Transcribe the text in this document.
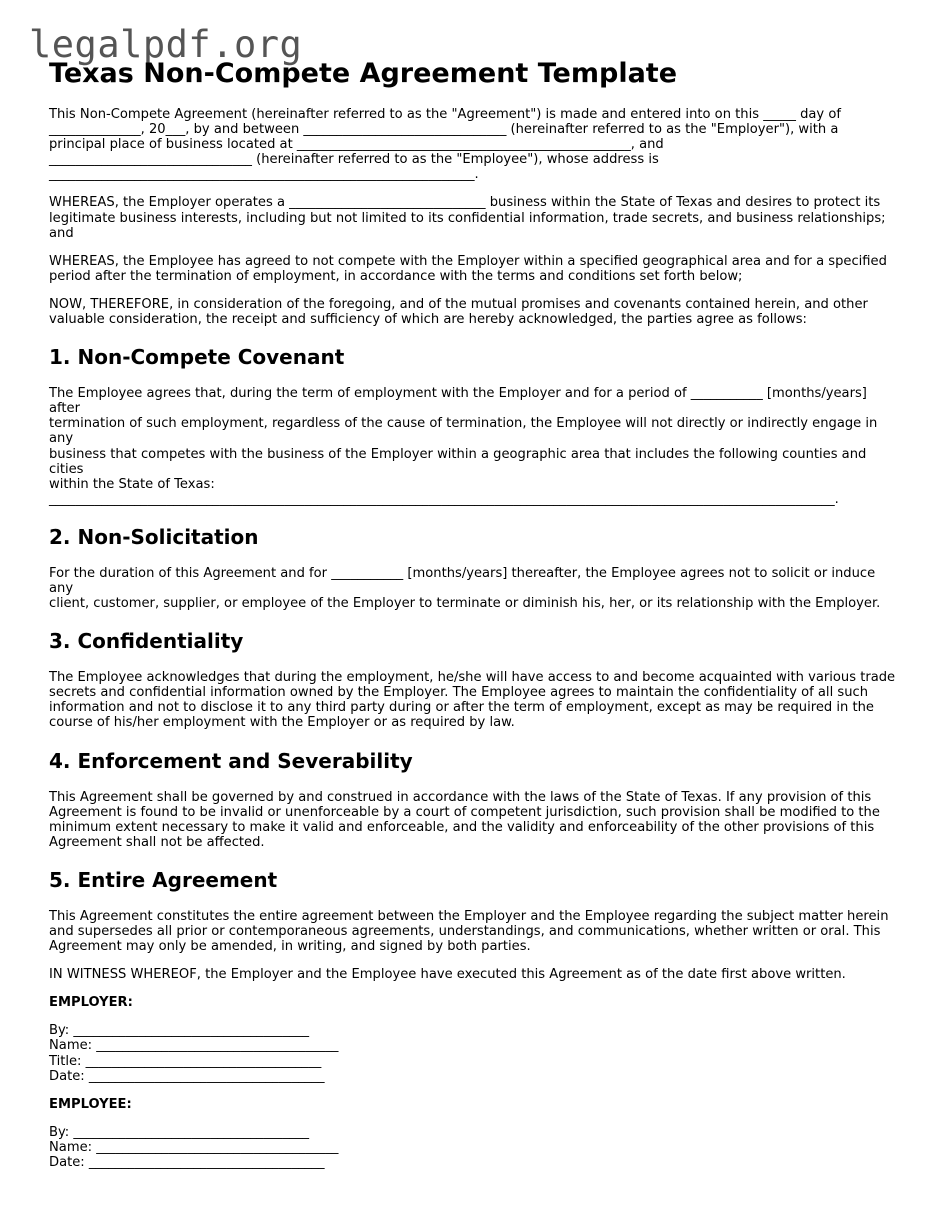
legalpdf.org
Texas Non-Compete Agreement Template

This Non-Compete Agreement (hereinafter referred to as the "Agreement") is made and entered into on this _____ day of
______________, 20___, by and between _______________________________ (hereinafter referred to as the "Employer"), with a
principal place of business located at ___________________________________________________, and
_______________________________ (hereinafter referred to as the "Employee"), whose address is
_________________________________________________________________.

WHEREAS, the Employer operates a ______________________________ business within the State of Texas and desires to protect its
legitimate business interests, including but not limited to its confidential information, trade secrets, and business relationships; and

WHEREAS, the Employee has agreed to not compete with the Employer within a specified geographical area and for a specified
period after the termination of employment, in accordance with the terms and conditions set forth below;

NOW, THEREFORE, in consideration of the foregoing, and of the mutual promises and covenants contained herein, and other
valuable consideration, the receipt and sufficiency of which are hereby acknowledged, the parties agree as follows:

1. Non-Compete Covenant

The Employee agrees that, during the term of employment with the Employer and for a period of ___________ [months/years] after
termination of such employment, regardless of the cause of termination, the Employee will not directly or indirectly engage in any
business that competes with the business of the Employer within a geographic area that includes the following counties and cities
within the State of Texas:
________________________________________________________________________________________________________________________.

2. Non-Solicitation

For the duration of this Agreement and for ___________ [months/years] thereafter, the Employee agrees not to solicit or induce any
client, customer, supplier, or employee of the Employer to terminate or diminish his, her, or its relationship with the Employer.

3. Confidentiality

The Employee acknowledges that during the employment, he/she will have access to and become acquainted with various trade
secrets and confidential information owned by the Employer. The Employee agrees to maintain the confidentiality of all such
information and not to disclose it to any third party during or after the term of employment, except as may be required in the
course of his/her employment with the Employer or as required by law.

4. Enforcement and Severability

This Agreement shall be governed by and construed in accordance with the laws of the State of Texas. If any provision of this
Agreement is found to be invalid or unenforceable by a court of competent jurisdiction, such provision shall be modified to the
minimum extent necessary to make it valid and enforceable, and the validity and enforceability of the other provisions of this
Agreement shall not be affected.

5. Entire Agreement

This Agreement constitutes the entire agreement between the Employer and the Employee regarding the subject matter herein
and supersedes all prior or contemporaneous agreements, understandings, and communications, whether written or oral. This
Agreement may only be amended, in writing, and signed by both parties.

IN WITNESS WHEREOF, the Employer and the Employee have executed this Agreement as of the date first above written.

EMPLOYER:

By: ____________________________________
Name: _____________________________________
Title: ____________________________________
Date: ____________________________________

EMPLOYEE:

By: ____________________________________
Name: _____________________________________
Date: ____________________________________
